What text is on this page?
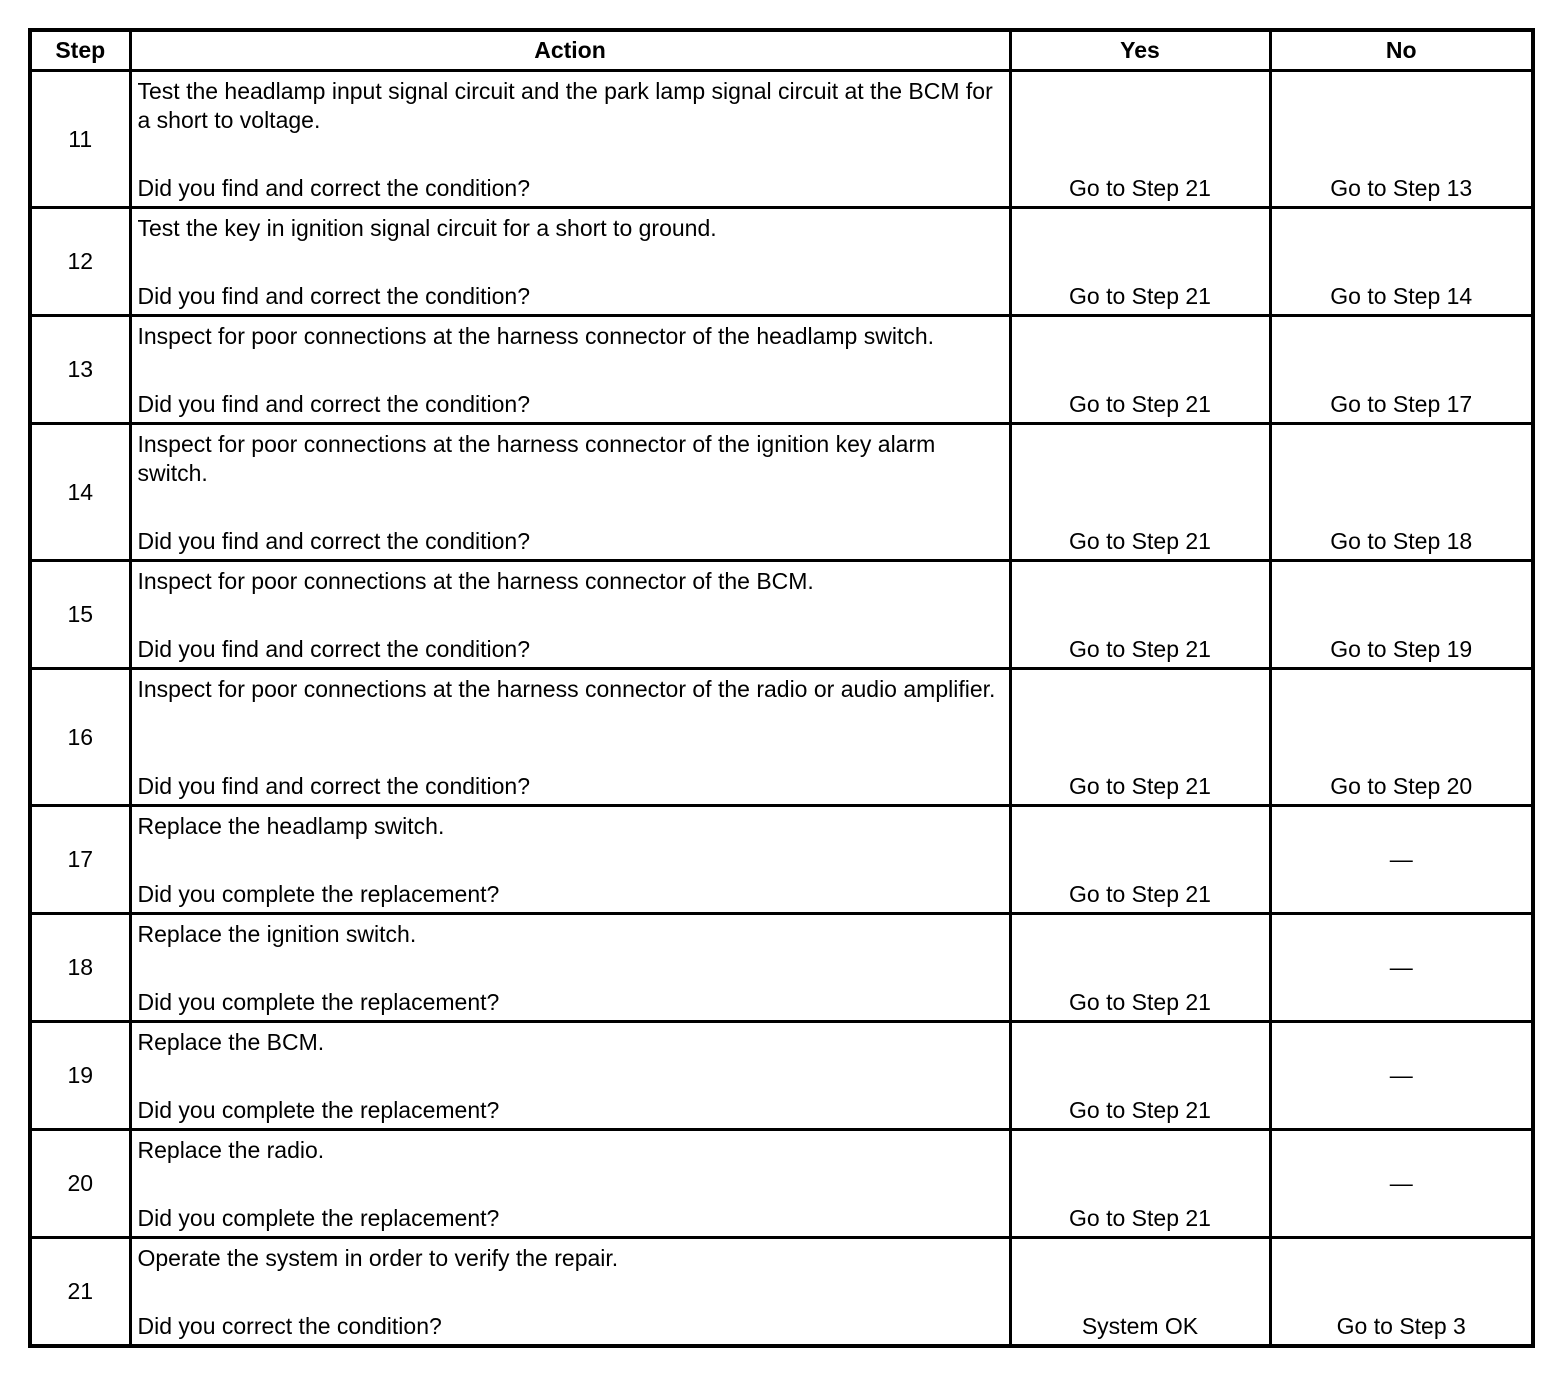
Step	Action	Yes	No
11	Test the headlamp input signal circuit and the park lamp signal circuit at the BCM for a short to voltage.
Did you find and correct the condition?	Go to Step 21	Go to Step 13
12	Test the key in ignition signal circuit for a short to ground.
Did you find and correct the condition?	Go to Step 21	Go to Step 14
13	Inspect for poor connections at the harness connector of the headlamp switch.
Did you find and correct the condition?	Go to Step 21	Go to Step 17
14	Inspect for poor connections at the harness connector of the ignition key alarm switch.
Did you find and correct the condition?	Go to Step 21	Go to Step 18
15	Inspect for poor connections at the harness connector of the BCM.
Did you find and correct the condition?	Go to Step 21	Go to Step 19
16	Inspect for poor connections at the harness connector of the radio or audio amplifier.
Did you find and correct the condition?	Go to Step 21	Go to Step 20
17	Replace the headlamp switch.
Did you complete the replacement?	Go to Step 21	—
18	Replace the ignition switch.
Did you complete the replacement?	Go to Step 21	—
19	Replace the BCM.
Did you complete the replacement?	Go to Step 21	—
20	Replace the radio.
Did you complete the replacement?	Go to Step 21	—
21	Operate the system in order to verify the repair.
Did you correct the condition?	System OK	Go to Step 3
